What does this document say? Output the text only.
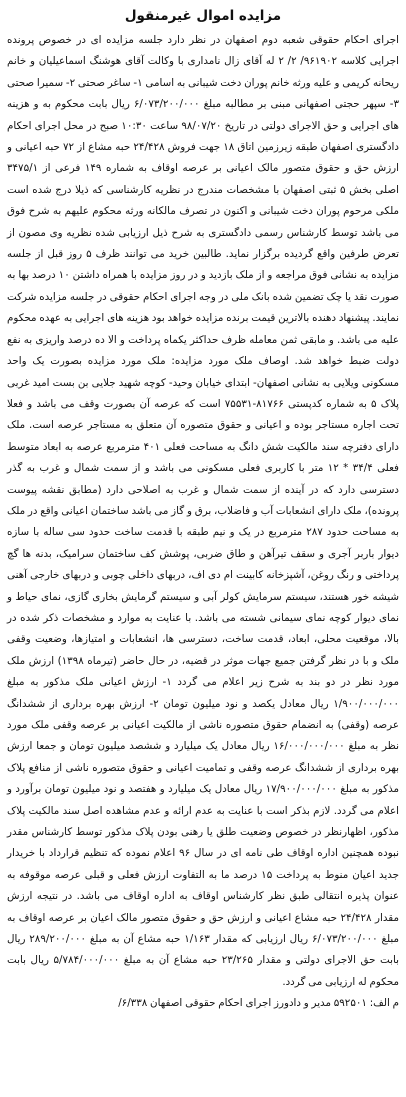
مزایده اموال غیرمنقول

اجرای احکام حقوقی شعبه دوم اصفهان در نظر دارد جلسه مزایده ای در خصوص پرونده اجرایی کلاسه ۹۶۱۹۰۲/ ۲/ ۲ له آقای زال نامداری با وکالت آقای هوشنگ اسماعیلیان و خانم ریحانه کریمی و علیه ورثه خانم پوران دخت شیبانی به اسامی ۱- ساغر صحتی ۲- سمیرا صحتی ۳- سپهر حجتی اصفهانی مبنی بر مطالبه مبلغ ۶/۰۷۳/۲۰۰/۰۰۰ ریال بابت محکوم به و هزینه های اجرایی و حق الاجرای دولتی در تاریخ ۹۸/۰۷/۲۰ ساعت ۱۰:۳۰ صبح در محل اجرای احکام دادگستری اصفهان طبقه زیرزمین اتاق ۱۸ جهت فروش ۲۴/۴۲۸ حبه مشاع از ۷۲ حبه اعیانی و ارزش حق و حقوق متصور مالک اعیانی بر عرصه اوقاف به شماره ۱۴۹ فرعی از ۳۴۷۵/۱ اصلی بخش ۵ ثبتی اصفهان با مشخصات مندرج در نظریه کارشناسی که ذیلا درج شده است ملکی مرحوم پوران دخت شیبانی و اکنون در تصرف مالکانه ورثه محکوم علیهم به شرح فوق می باشد توسط کارشناس رسمی دادگستری به شرح ذیل ارزیابی شده نظریه وی مصون از تعرض طرفین واقع گردیده برگزار نماید. طالبین خرید می توانند ظرف ۵ روز قبل از جلسه مزایده به نشانی فوق مراجعه و از ملک بازدید و در روز مزایده با همراه داشتن ۱۰ درصد بها به صورت نقد یا چک تضمین شده بانک ملی در وجه اجرای احکام حقوقی در جلسه مزایده شرکت نمایند. پیشنهاد دهنده بالاترین قیمت برنده مزایده خواهد بود هزینه های اجرایی به عهده محکوم علیه می باشد. و مابقی ثمن معامله ظرف حداکثر یکماه پرداخت و الا ده درصد واریزی به نفع دولت ضبط خواهد شد. اوصاف ملک مورد مزایده: ملک مورد مزایده بصورت یک واحد مسکونی ویلایی به نشانی اصفهان- ابتدای خیابان وحید- کوچه شهید جلایی بن بست امید غربی پلاک ۵ به شماره کدپستی ۸۱۷۶۶-۷۵۵۳۱ است که عرصه آن بصورت وقف می باشد و فعلا تحت اجاره مستاجر بوده و اعیانی و حقوق متصوره آن متعلق به مستاجر عرصه است. ملک دارای دفترچه سند مالکیت شش دانگ به مساحت فعلی ۴۰۱ مترمربع عرصه به ابعاد متوسط فعلی ۳۴/۴ * ۱۲ متر با کاربری فعلی مسکونی می باشد و از سمت شمال و غرب به گذر دسترسی دارد که در آینده از سمت شمال و غرب به اصلاحی دارد (مطابق نقشه پیوست پرونده)، ملک دارای انشعابات آب و فاضلاب، برق و گاز می باشد ساختمان اعیانی واقع در ملک به مساحت حدود ۲۸۷ مترمربع در یک و نیم طبقه با قدمت ساخت حدود سی ساله با سازه دیوار باربر آجری و سقف تیرآهن و طاق ضربی، پوشش کف ساختمان سرامیک، بدنه ها گچ پرداختی و رنگ روغن، آشپزخانه کابینت ام دی اف، دربهای داخلی چوبی و دربهای خارجی آهنی شیشه خور هستند، سیستم سرمایش کولر آبی و سیستم گرمایش بخاری گازی، نمای حیاط و نمای دیوار کوچه نمای سیمانی شسته می باشد. با عنایت به موارد و مشخصات ذکر شده در بالا، موقعیت محلی، ابعاد، قدمت ساخت، دسترسی ها، انشعابات و امتیازها، وضعیت وقفی ملک و با در نظر گرفتن جمیع جهات موثر در قضیه، در حال حاضر (تیرماه ۱۳۹۸) ارزش ملک مورد نظر در دو بند به شرح زیر اعلام می گردد ۱- ارزش اعیانی ملک مذکور به مبلغ ۱/۹۰۰/۰۰۰/۰۰۰ ریال معادل یکصد و نود میلیون تومان ۲- ارزش بهره برداری از ششدانگ عرصه (وقفی) به انضمام حقوق متصوره ناشی از مالکیت اعیانی بر عرصه وقفی ملک مورد نظر به مبلغ ۱۶/۰۰۰/۰۰۰/۰۰۰ ریال معادل یک میلیارد و ششصد میلیون تومان و جمعا ارزش بهره برداری از ششدانگ عرصه وقفی و تمامیت اعیانی و حقوق متصوره ناشی از منافع پلاک مذکور به مبلغ ۱۷/۹۰۰/۰۰۰/۰۰۰ ریال معادل یک میلیارد و هفتصد و نود میلیون تومان برآورد و اعلام می گردد. لازم بذکر است با عنایت به عدم ارائه و عدم مشاهده اصل سند مالکیت پلاک مذکور، اظهارنظر در خصوص وضعیت طلق یا رهنی بودن پلاک مذکور توسط کارشناس مقدر نبوده همچنین اداره اوقاف طی نامه ای در سال ۹۶ اعلام نموده که تنظیم قرارداد با خریدار جدید اعیان منوط به پرداخت ۱۵ درصد ما به التفاوت ارزش فعلی و قبلی عرصه موقوفه به عنوان پذیره انتقالی طبق نظر کارشناس اوقاف به اداره اوقاف می باشد. در نتیجه ارزش مقدار ۲۴/۴۲۸ حبه مشاع اعیانی و ارزش حق و حقوق متصور مالک اعیان بر عرصه اوقاف به مبلغ ۶/۰۷۳/۲۰۰/۰۰۰ ریال ارزیابی که مقدار ۱/۱۶۳ حبه مشاع آن به مبلغ ۲۸۹/۲۰۰/۰۰۰ ریال بابت حق الاجرای دولتی و مقدار ۲۳/۲۶۵ حبه مشاع آن به مبلغ ۵/۷۸۴/۰۰۰/۰۰۰ ریال بابت محکوم له ارزیابی می گردد.

م الف: ۵۹۲۵۰۱ مدیر و دادورز اجرای احکام حقوقی اصفهان ۶/۳۳۸/
